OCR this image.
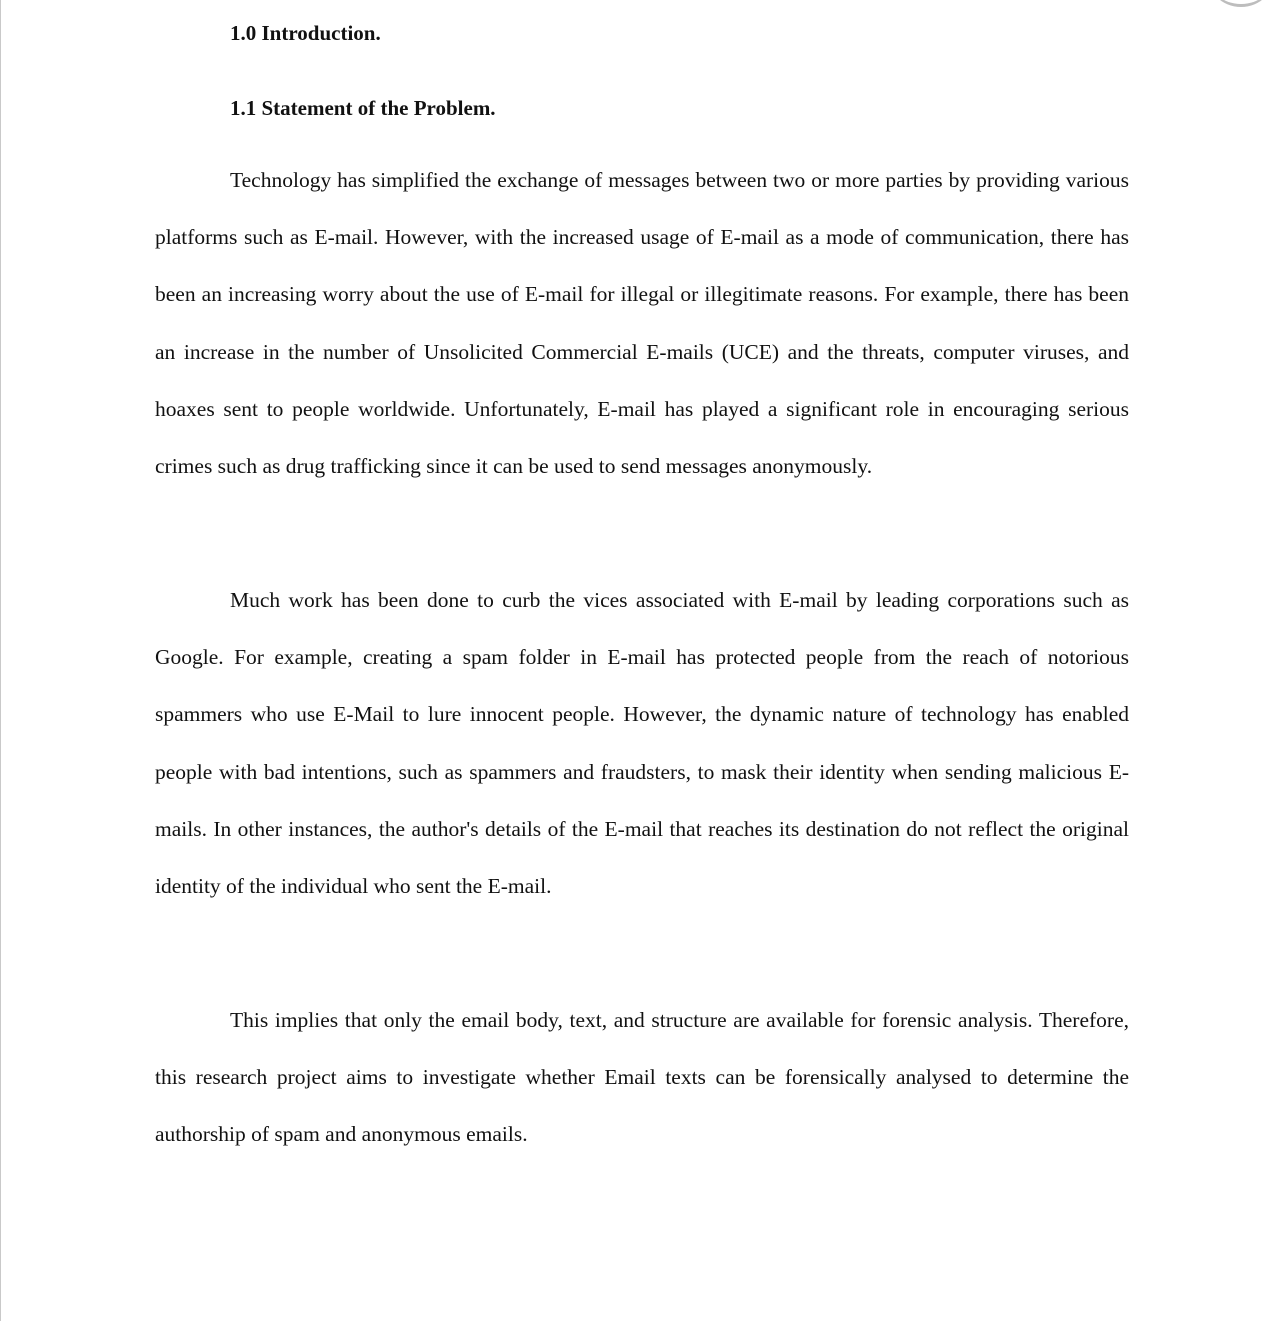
1.0 Introduction.
1.1 Statement of the Problem.

Technology has simplified the exchange of messages between two or more parties by providing various platforms such as E-mail. However, with the increased usage of E-mail as a mode of communication, there has been an increasing worry about the use of E-mail for illegal or illegitimate reasons. For example, there has been an increase in the number of Unsolicited Commercial E-mails (UCE) and the threats, computer viruses, and hoaxes sent to people worldwide. Unfortunately, E-mail has played a significant role in encouraging serious crimes such as drug trafficking since it can be used to send messages anonymously.

Much work has been done to curb the vices associated with E-mail by leading corporations such as Google. For example, creating a spam folder in E-mail has protected people from the reach of notorious spammers who use E-Mail to lure innocent people. However, the dynamic nature of technology has enabled people with bad intentions, such as spammers and fraudsters, to mask their identity when sending malicious E-mails. In other instances, the author's details of the E-mail that reaches its destination do not reflect the original identity of the individual who sent the E-mail.

This implies that only the email body, text, and structure are available for forensic analysis. Therefore, this research project aims to investigate whether Email texts can be forensically analysed to determine the authorship of spam and anonymous emails.
